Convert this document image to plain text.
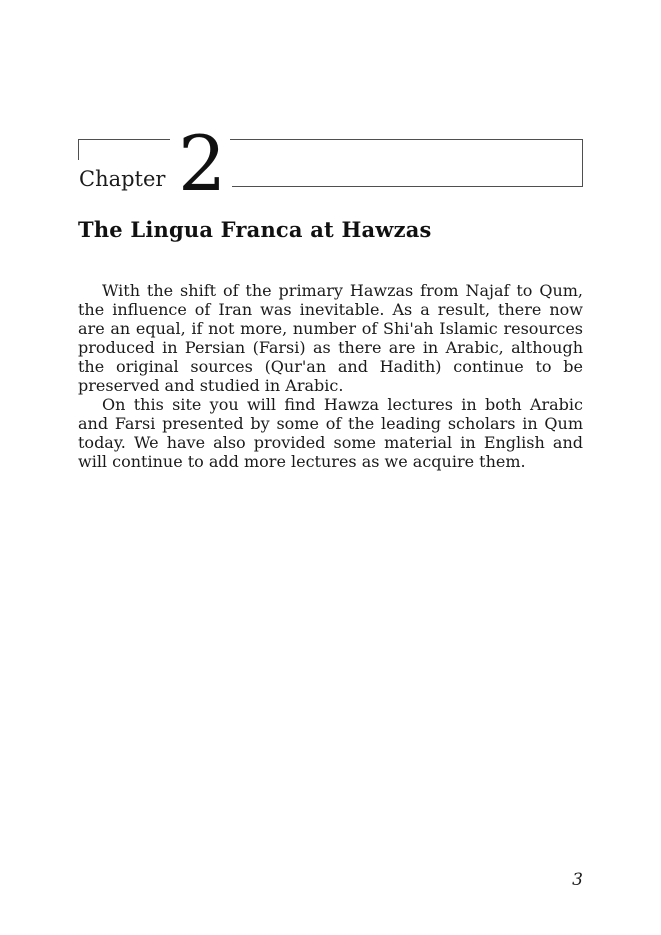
Chapter 2
The Lingua Franca at Hawzas

With the shift of the primary Hawzas from Najaf to Qum, the influence of Iran was inevitable. As a result, there now are an equal, if not more, number of Shi'ah Islamic resources produced in Persian (Farsi) as there are in Arabic, although the original sources (Qur'an and Hadith) continue to be preserved and studied in Arabic.

On this site you will find Hawza lectures in both Arabic and Farsi presented by some of the leading scholars in Qum today. We have also provided some material in English and will continue to add more lectures as we acquire them.

3
